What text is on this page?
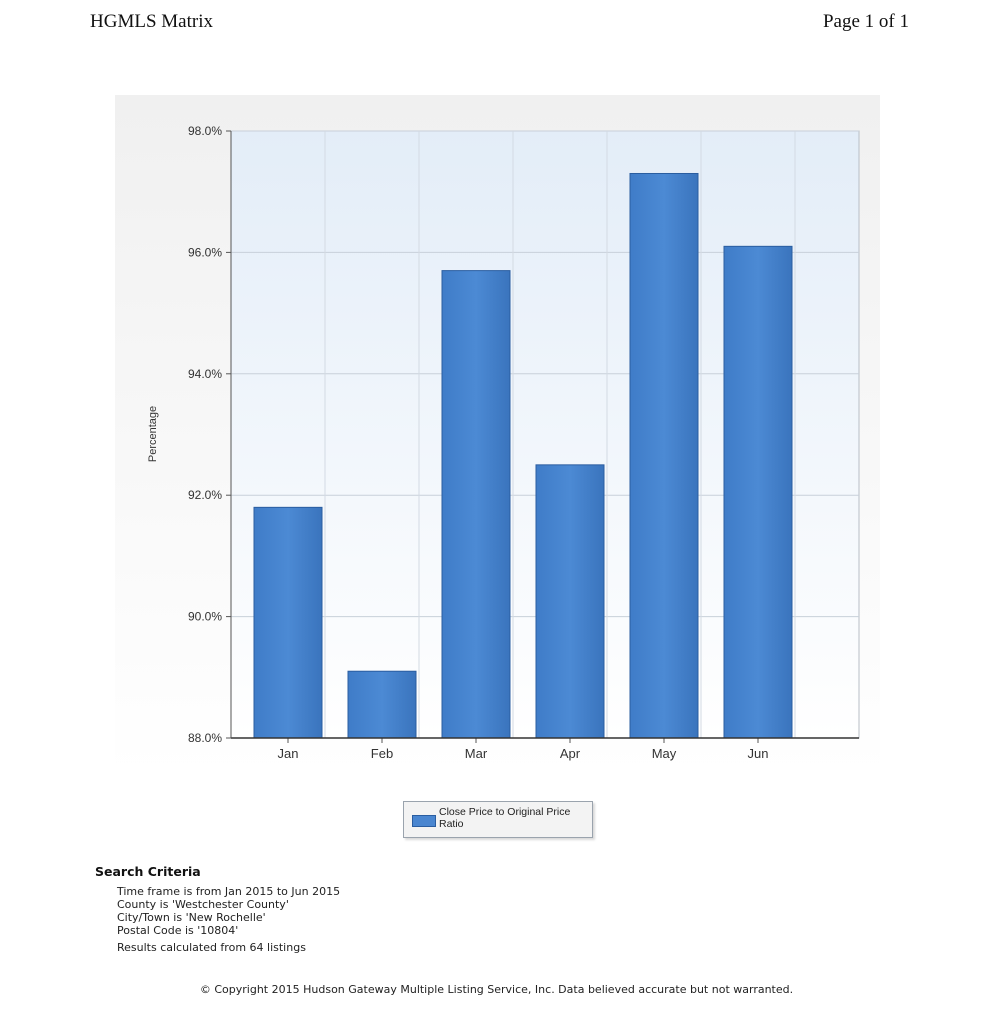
HGMLS Matrix	Page 1 of 1
88.0%
90.0%
92.0%
94.0%
96.0%
98.0%
Jan	Feb	Mar	Apr	May	Jun
Percentage
Close Price to Original Price Ratio
Search Criteria
Time frame is from Jan 2015 to Jun 2015
County is 'Westchester County'
City/Town is 'New Rochelle'
Postal Code is '10804'
Results calculated from 64 listings
© Copyright 2015 Hudson Gateway Multiple Listing Service, Inc. Data believed accurate but not warranted.
